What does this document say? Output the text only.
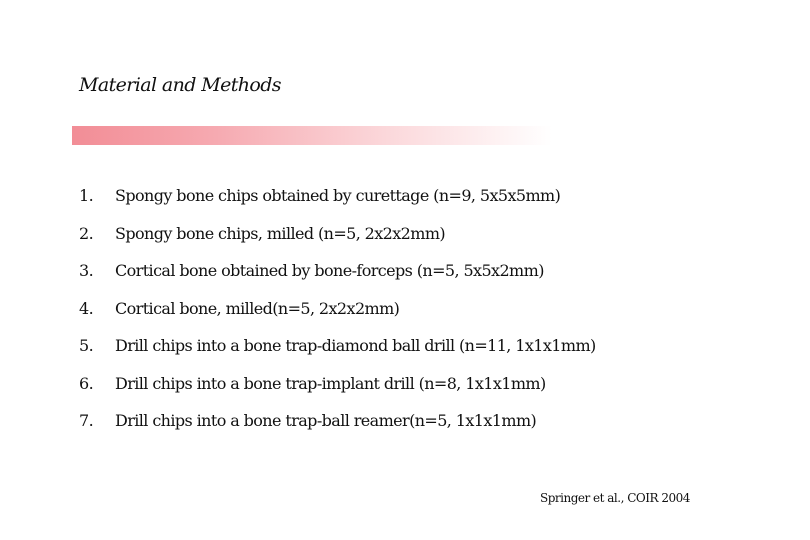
Material and Methods
1. Spongy bone chips obtained by curettage (n=9, 5x5x5mm)
2. Spongy bone chips, milled (n=5, 2x2x2mm)
3. Cortical bone obtained by bone-forceps (n=5, 5x5x2mm)
4. Cortical bone, milled(n=5, 2x2x2mm)
5. Drill chips into a bone trap-diamond ball drill (n=11, 1x1x1mm)
6. Drill chips into a bone trap-implant drill (n=8, 1x1x1mm)
7. Drill chips into a bone trap-ball reamer(n=5, 1x1x1mm)
Springer et al., COIR 2004
